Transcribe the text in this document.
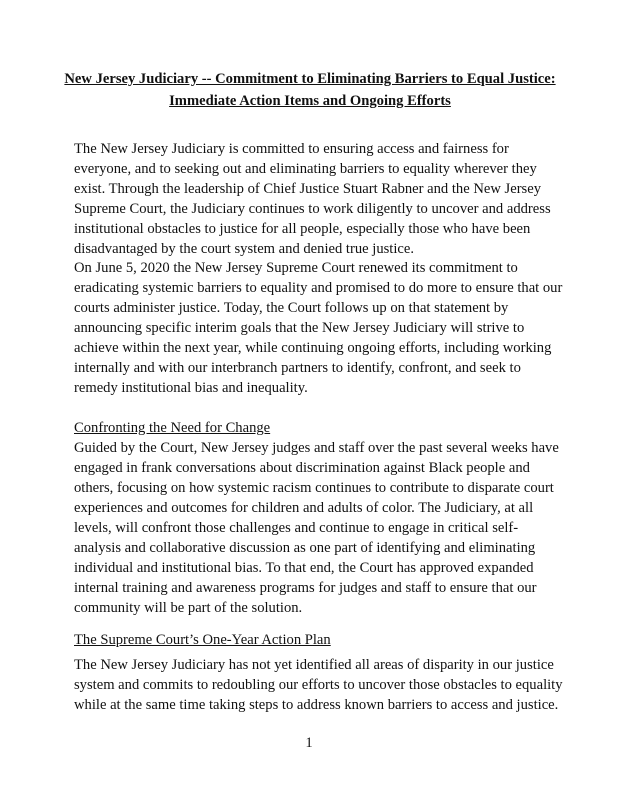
New Jersey Judiciary -- Commitment to Eliminating Barriers to Equal Justice: Immediate Action Items and Ongoing Efforts

The New Jersey Judiciary is committed to ensuring access and fairness for everyone, and to seeking out and eliminating barriers to equality wherever they exist. Through the leadership of Chief Justice Stuart Rabner and the New Jersey Supreme Court, the Judiciary continues to work diligently to uncover and address institutional obstacles to justice for all people, especially those who have been disadvantaged by the court system and denied true justice.

On June 5, 2020 the New Jersey Supreme Court renewed its commitment to eradicating systemic barriers to equality and promised to do more to ensure that our courts administer justice. Today, the Court follows up on that statement by announcing specific interim goals that the New Jersey Judiciary will strive to achieve within the next year, while continuing ongoing efforts, including working internally and with our interbranch partners to identify, confront, and seek to remedy institutional bias and inequality.

Confronting the Need for Change

Guided by the Court, New Jersey judges and staff over the past several weeks have engaged in frank conversations about discrimination against Black people and others, focusing on how systemic racism continues to contribute to disparate court experiences and outcomes for children and adults of color. The Judiciary, at all levels, will confront those challenges and continue to engage in critical self-analysis and collaborative discussion as one part of identifying and eliminating individual and institutional bias. To that end, the Court has approved expanded internal training and awareness programs for judges and staff to ensure that our community will be part of the solution.

The Supreme Court’s One-Year Action Plan

The New Jersey Judiciary has not yet identified all areas of disparity in our justice system and commits to redoubling our efforts to uncover those obstacles to equality while at the same time taking steps to address known barriers to access and justice.

1
